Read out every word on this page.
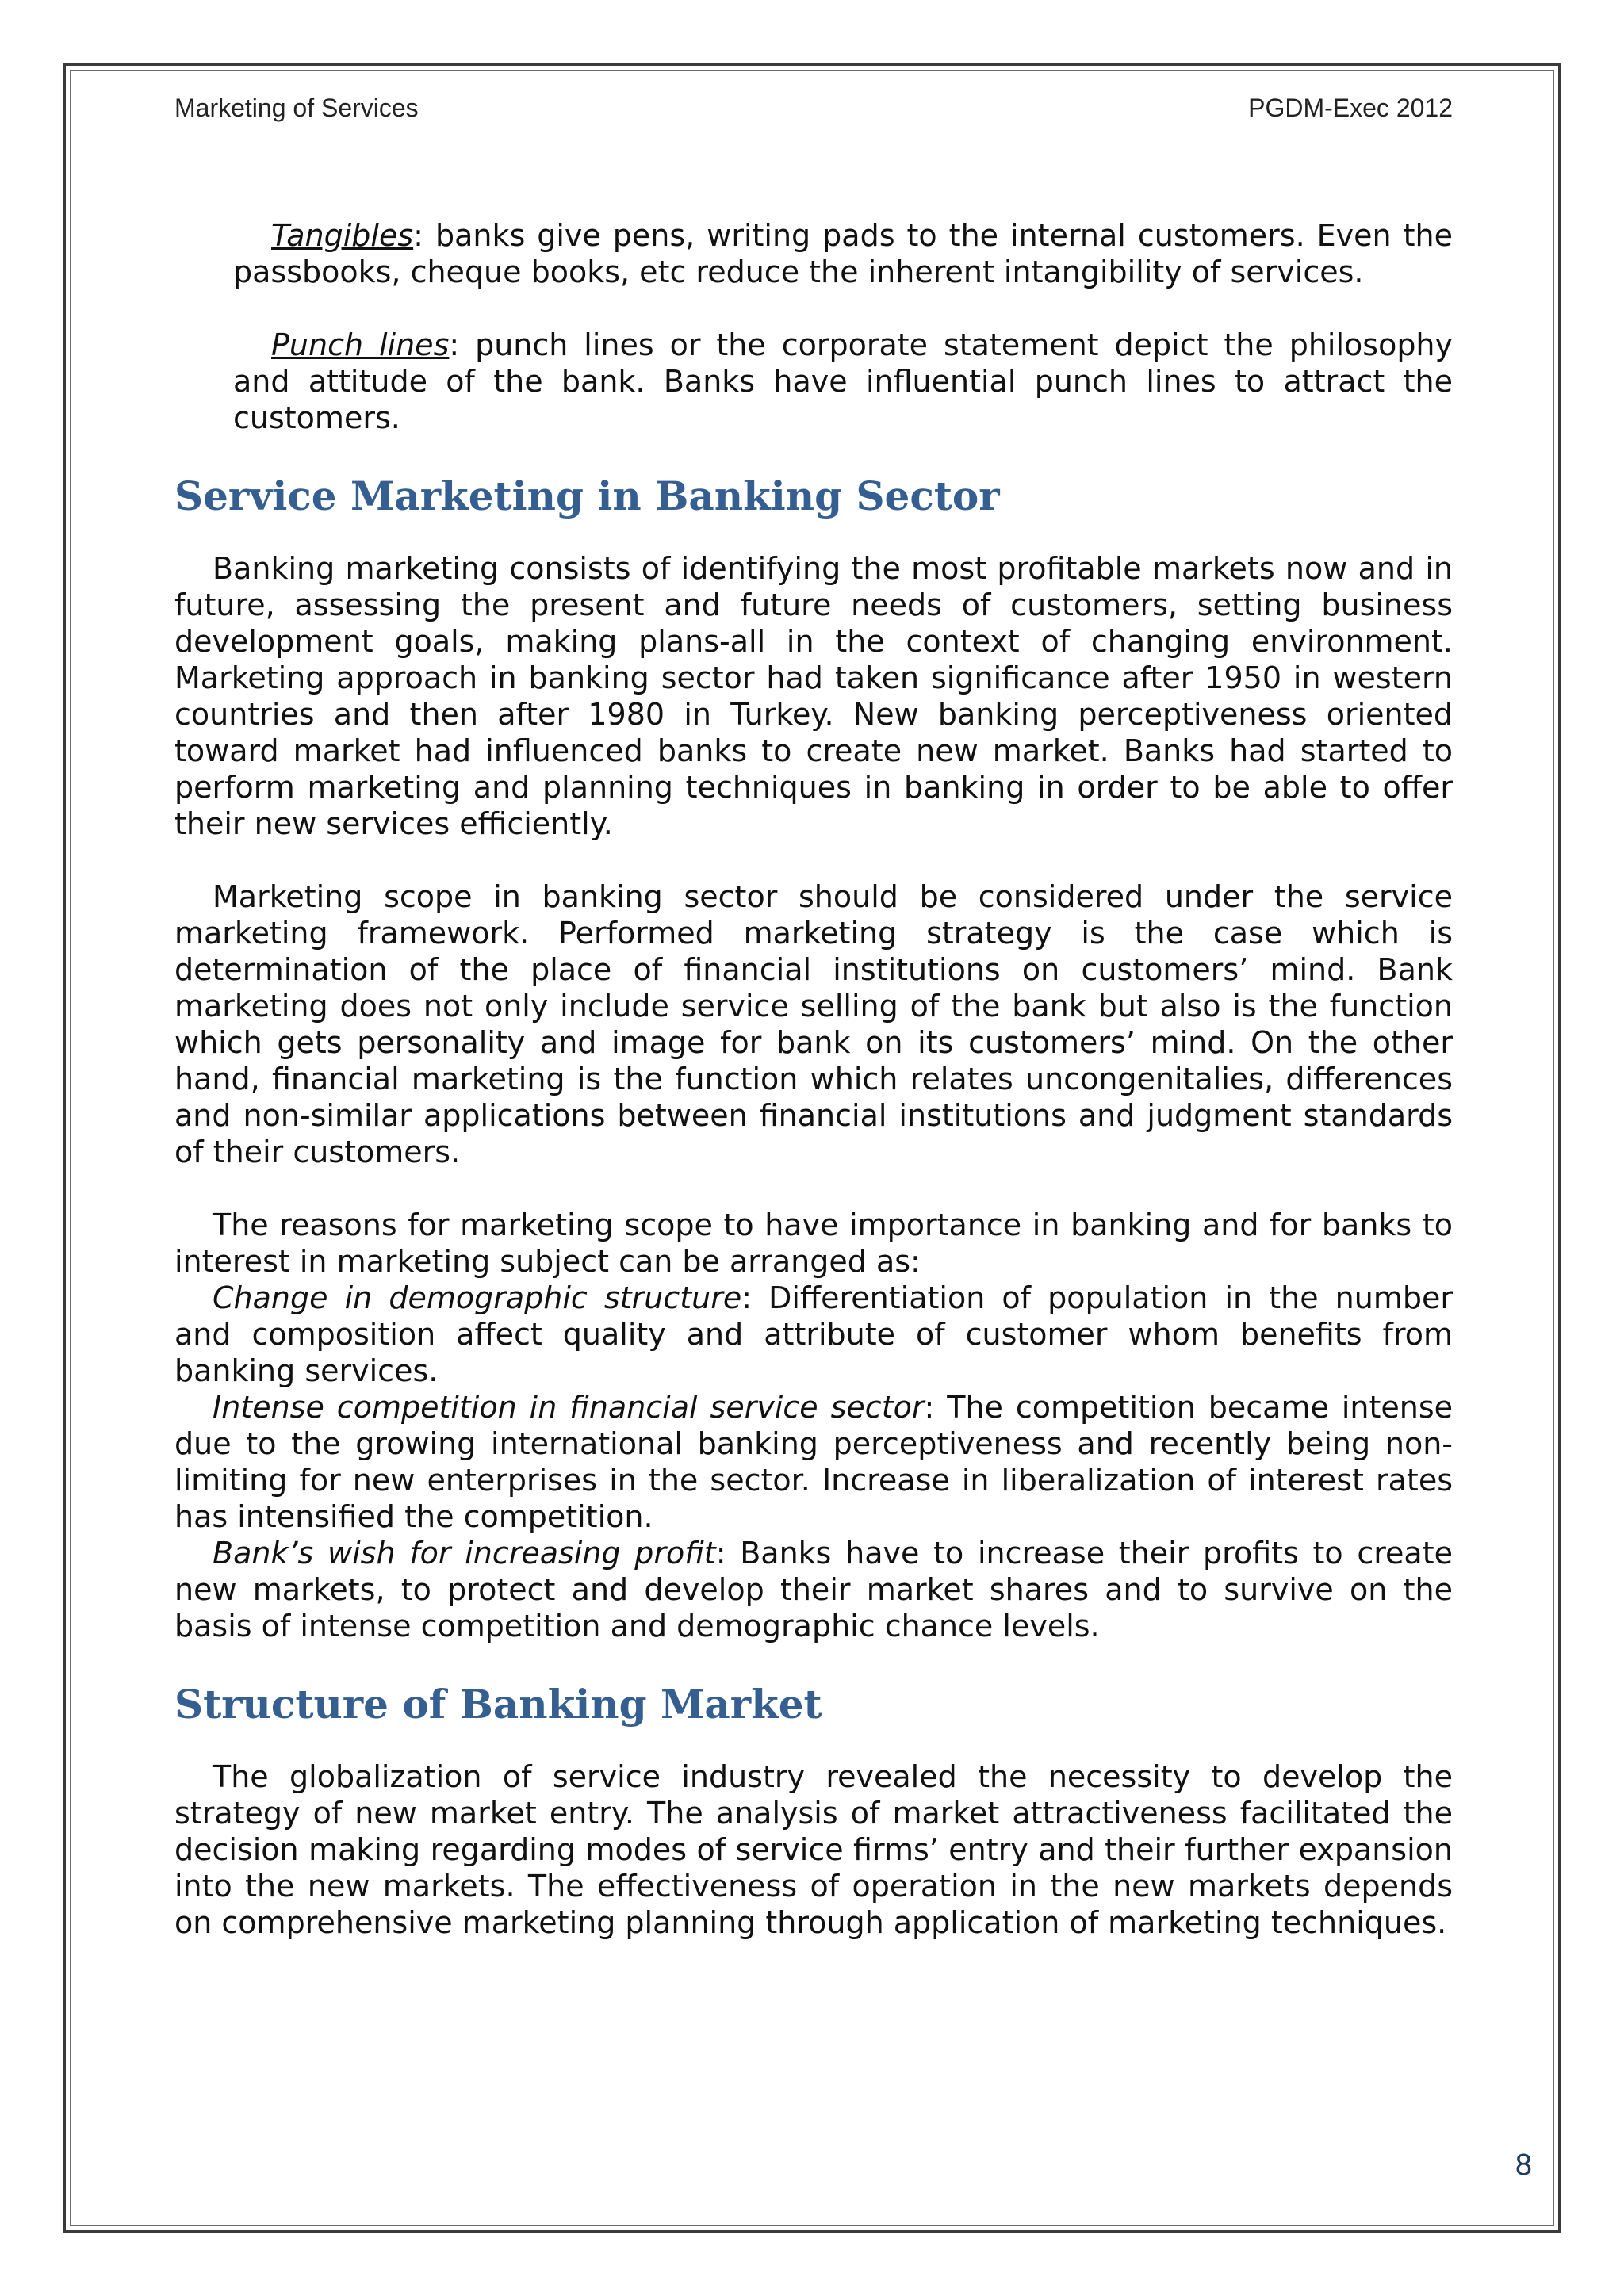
Marketing of Services	PGDM-Exec 2012

Tangibles: banks give pens, writing pads to the internal customers. Even the passbooks, cheque books, etc reduce the inherent intangibility of services.

Punch lines: punch lines or the corporate statement depict the philosophy and attitude of the bank. Banks have influential punch lines to attract the customers.

Service Marketing in Banking Sector

Banking marketing consists of identifying the most profitable markets now and in future, assessing the present and future needs of customers, setting business development goals, making plans-all in the context of changing environment. Marketing approach in banking sector had taken significance after 1950 in western countries and then after 1980 in Turkey. New banking perceptiveness oriented toward market had influenced banks to create new market. Banks had started to perform marketing and planning techniques in banking in order to be able to offer their new services efficiently.

Marketing scope in banking sector should be considered under the service marketing framework. Performed marketing strategy is the case which is determination of the place of financial institutions on customers’ mind. Bank marketing does not only include service selling of the bank but also is the function which gets personality and image for bank on its customers’ mind. On the other hand, financial marketing is the function which relates uncongenitalies, differences and non-similar applications between financial institutions and judgment standards of their customers.

The reasons for marketing scope to have importance in banking and for banks to interest in marketing subject can be arranged as:

Change in demographic structure: Differentiation of population in the number and composition affect quality and attribute of customer whom benefits from banking services.

Intense competition in financial service sector: The competition became intense due to the growing international banking perceptiveness and recently being non-limiting for new enterprises in the sector. Increase in liberalization of interest rates has intensified the competition.

Bank’s wish for increasing profit: Banks have to increase their profits to create new markets, to protect and develop their market shares and to survive on the basis of intense competition and demographic chance levels.

Structure of Banking Market

The globalization of service industry revealed the necessity to develop the strategy of new market entry. The analysis of market attractiveness facilitated the decision making regarding modes of service firms’ entry and their further expansion into the new markets. The effectiveness of operation in the new markets depends on comprehensive marketing planning through application of marketing techniques.

8
